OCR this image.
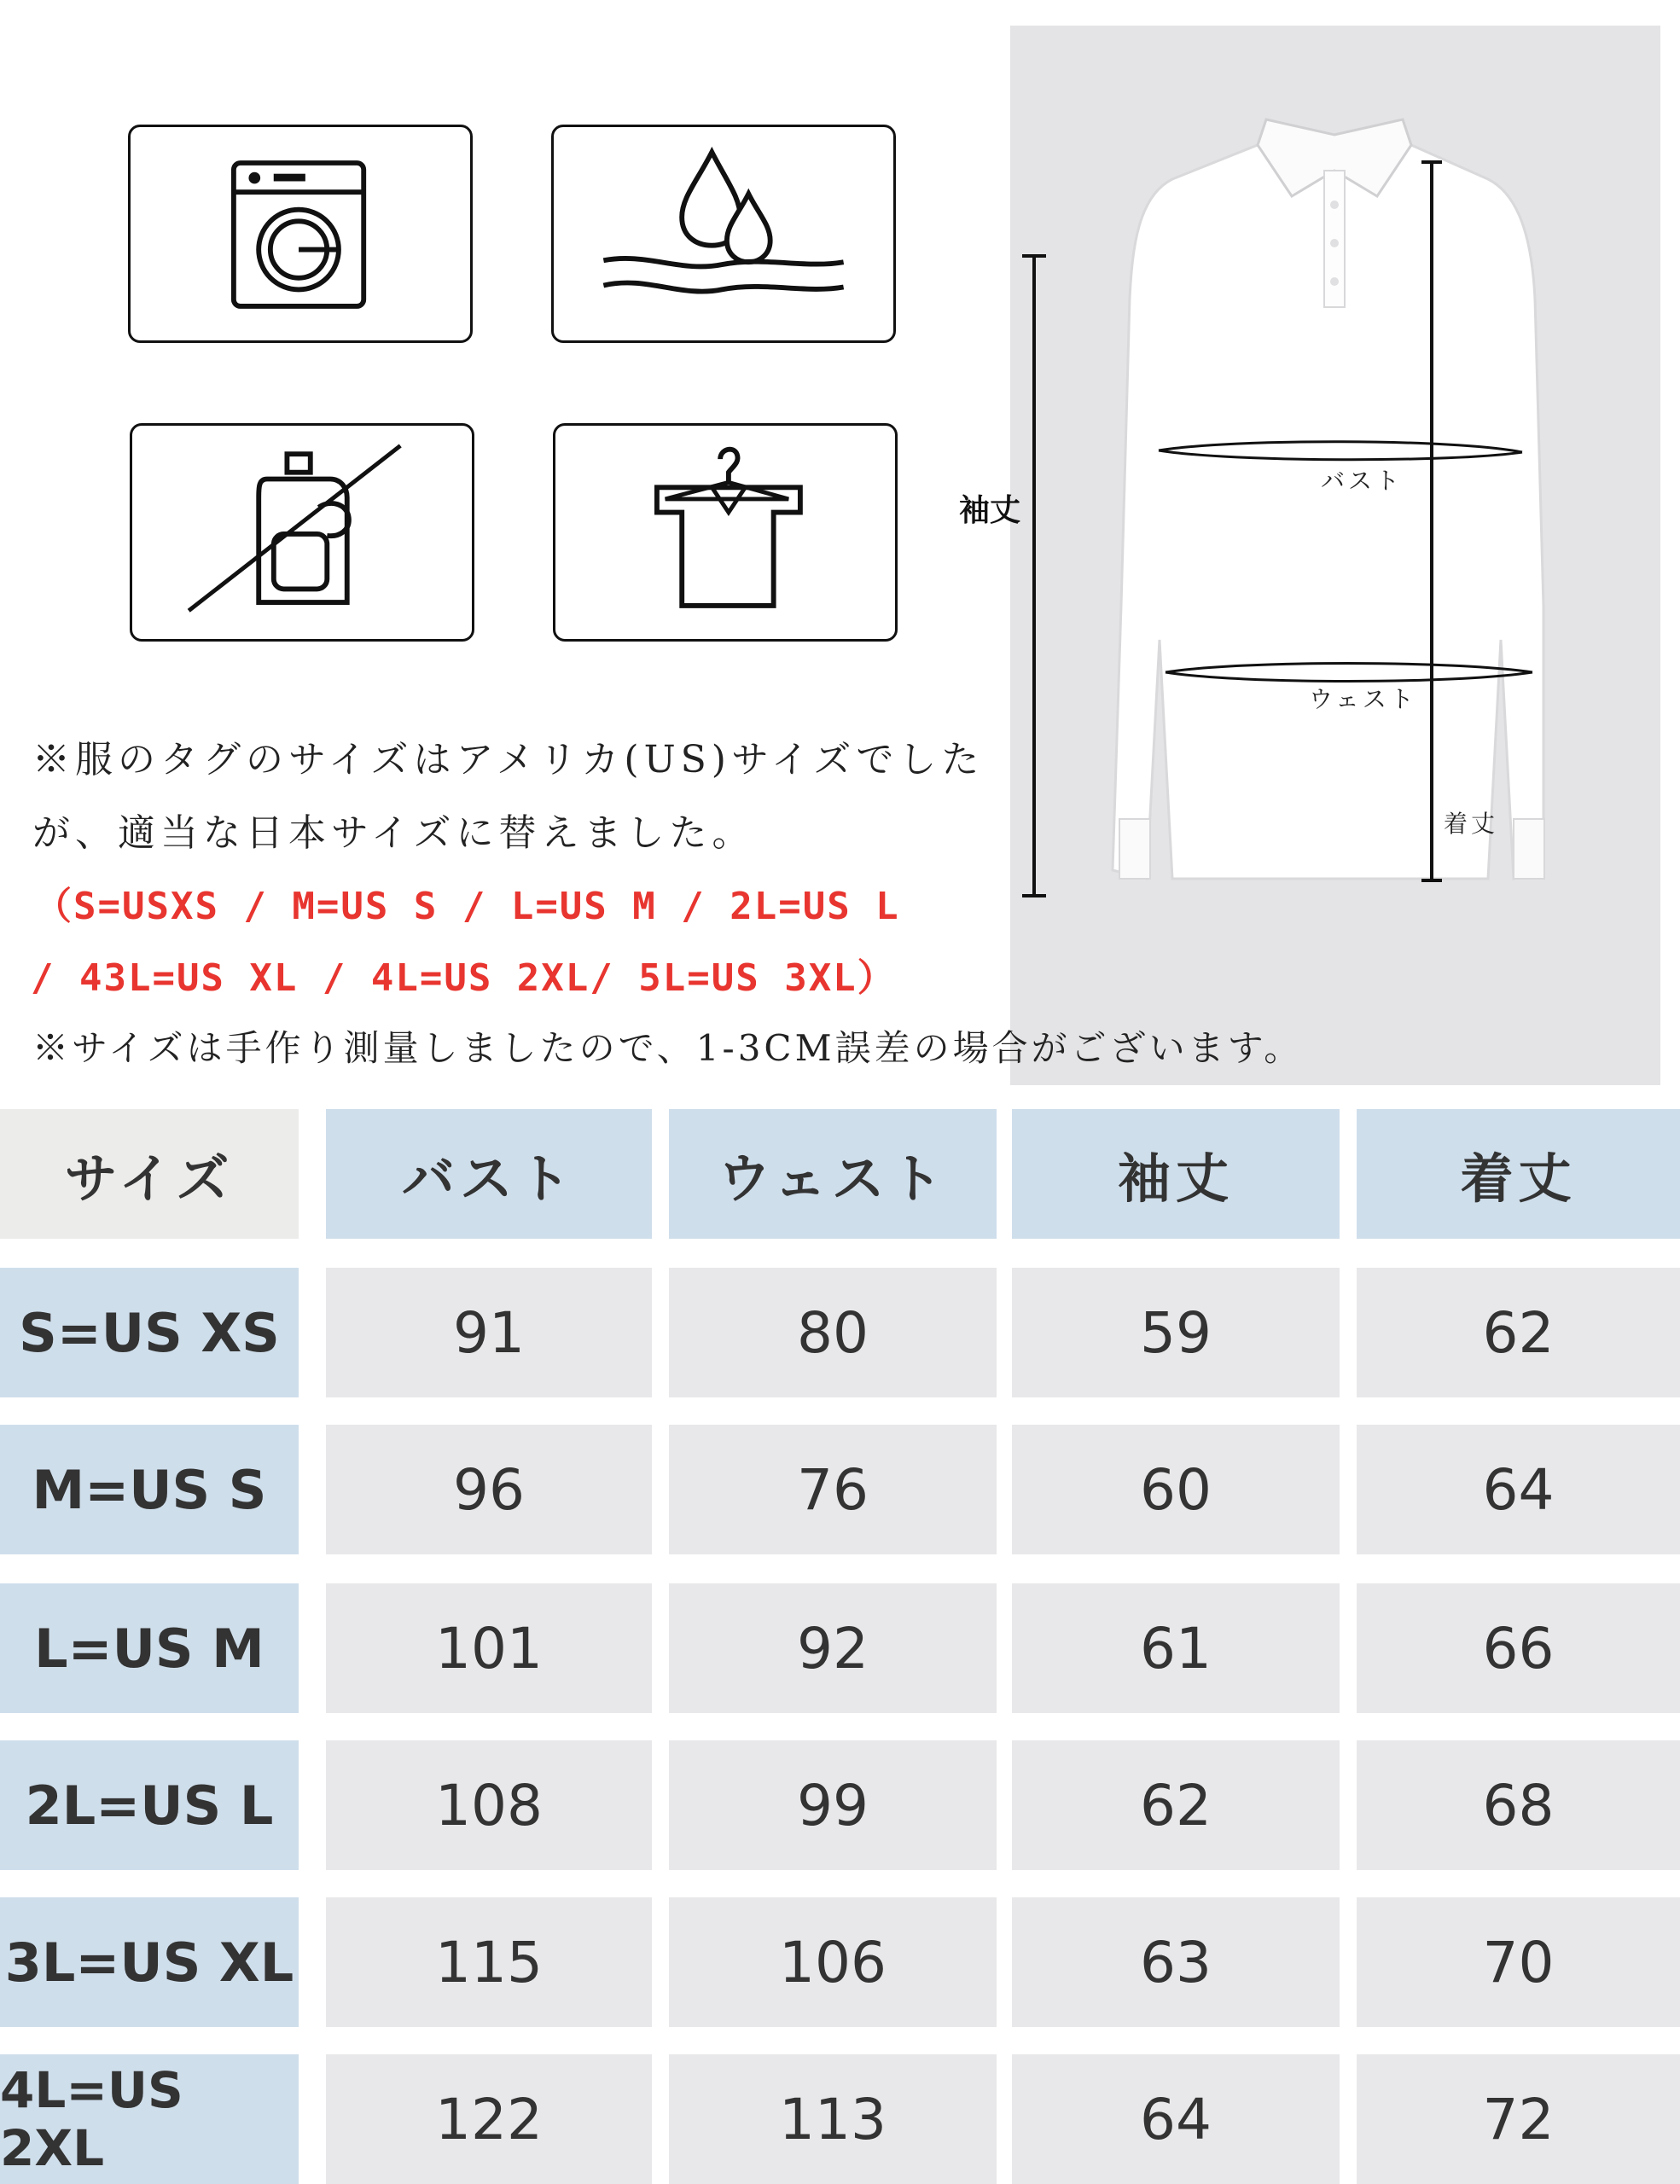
バスト
ウェスト
着丈
袖丈
※服のタグのサイズはアメリカ(US)サイズでした
が、適当な日本サイズに替えました。
（S=USXS / M=US S / L=US M / 2L=US L
/ 43L=US XL / 4L=US 2XL/ 5L=US 3XL）
※サイズは手作り測量しましたので、1-3CM誤差の場合がございます。
サイズ	バスト	ウェスト	袖丈	着丈
S=US XS	91	80	59	62
M=US S	96	76	60	64
L=US M	101	92	61	66
2L=US L	108	99	62	68
3L=US XL	115	106	63	70
4L=US 2XL	122	113	64	72
